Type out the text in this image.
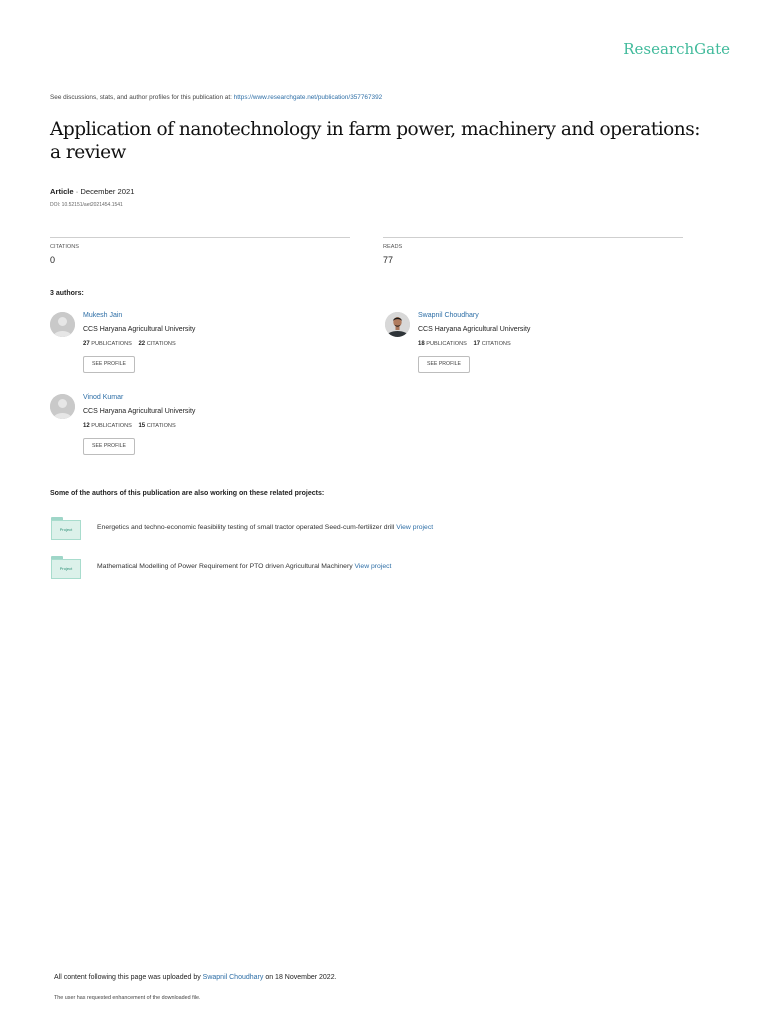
ResearchGate
See discussions, stats, and author profiles for this publication at: https://www.researchgate.net/publication/357767392
Application of nanotechnology in farm power, machinery and operations: a review
Article · December 2021
DOI: 10.52151/aet2021454.1541
CITATIONS
0
READS
77
3 authors:
Mukesh Jain
CCS Haryana Agricultural University
27 PUBLICATIONS 22 CITATIONS
SEE PROFILE
Swapnil Choudhary
CCS Haryana Agricultural University
18 PUBLICATIONS 17 CITATIONS
SEE PROFILE
Vinod Kumar
CCS Haryana Agricultural University
12 PUBLICATIONS 15 CITATIONS
SEE PROFILE
Some of the authors of this publication are also working on these related projects:
Project	Energetics and techno-economic feasibility testing of small tractor operated Seed-cum-fertilizer drill View project
Project	Mathematical Modelling of Power Requirement for PTO driven Agricultural Machinery View project
All content following this page was uploaded by Swapnil Choudhary on 18 November 2022.
The user has requested enhancement of the downloaded file.
